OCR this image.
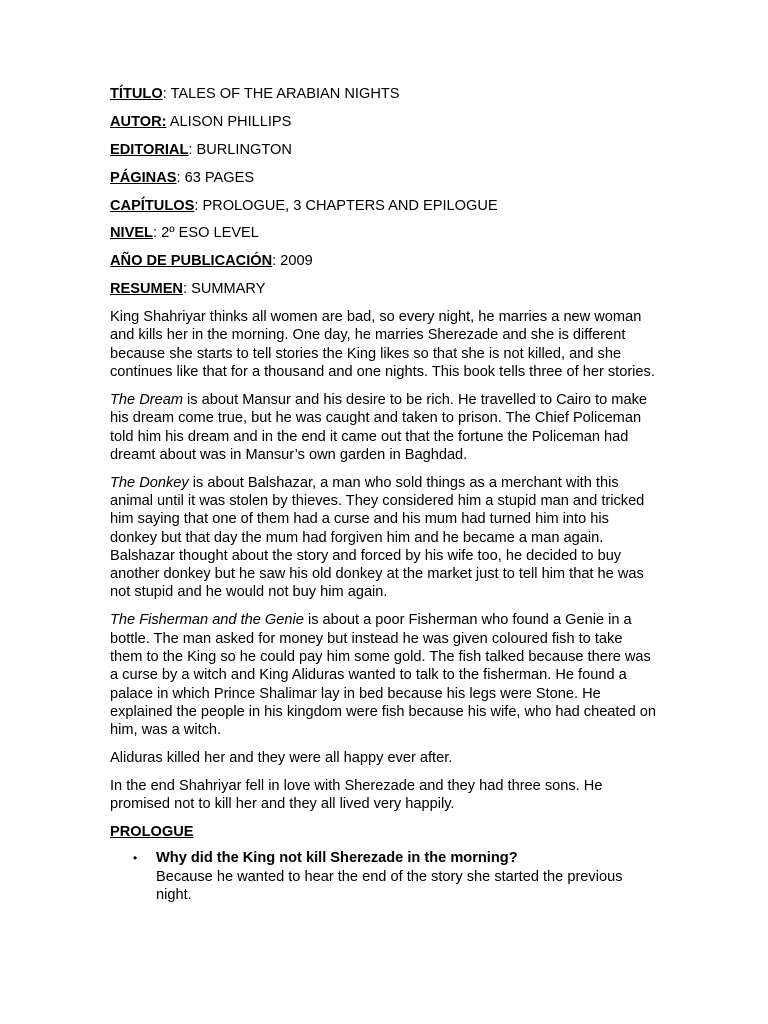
TÍTULO: TALES OF THE ARABIAN NIGHTS
AUTOR: ALISON PHILLIPS
EDITORIAL: BURLINGTON
PÁGINAS: 63 PAGES
CAPÍTULOS: PROLOGUE, 3 CHAPTERS AND EPILOGUE
NIVEL: 2º ESO LEVEL
AÑO DE PUBLICACIÓN: 2009
RESUMEN: SUMMARY

King Shahriyar thinks all women are bad, so every night, he marries a new woman and kills her in the morning. One day, he marries Sherezade and she is different because she starts to tell stories the King likes so that she is not killed, and she continues like that for a thousand and one nights. This book tells three of her stories.

The Dream is about Mansur and his desire to be rich. He travelled to Cairo to make his dream come true, but he was caught and taken to prison. The Chief Policeman told him his dream and in the end it came out that the fortune the Policeman had dreamt about was in Mansur’s own garden in Baghdad.

The Donkey is about Balshazar, a man who sold things as a merchant with this animal until it was stolen by thieves. They considered him a stupid man and tricked him saying that one of them had a curse and his mum had turned him into his donkey but that day the mum had forgiven him and he became a man again. Balshazar thought about the story and forced by his wife too, he decided to buy another donkey but he saw his old donkey at the market just to tell him that he was not stupid and he would not buy him again.

The Fisherman and the Genie is about a poor Fisherman who found a Genie in a bottle. The man asked for money but instead he was given coloured fish to take them to the King so he could pay him some gold. The fish talked because there was a curse by a witch and King Aliduras wanted to talk to the fisherman. He found a palace in which Prince Shalimar lay in bed because his legs were Stone. He explained the people in his kingdom were fish because his wife, who had cheated on him, was a witch.

Aliduras killed her and they were all happy ever after.

In the end Shahriyar fell in love with Sherezade and they had three sons. He promised not to kill her and they all lived very happily.

PROLOGUE
• Why did the King not kill Sherezade in the morning?
Because he wanted to hear the end of the story she started the previous night.
